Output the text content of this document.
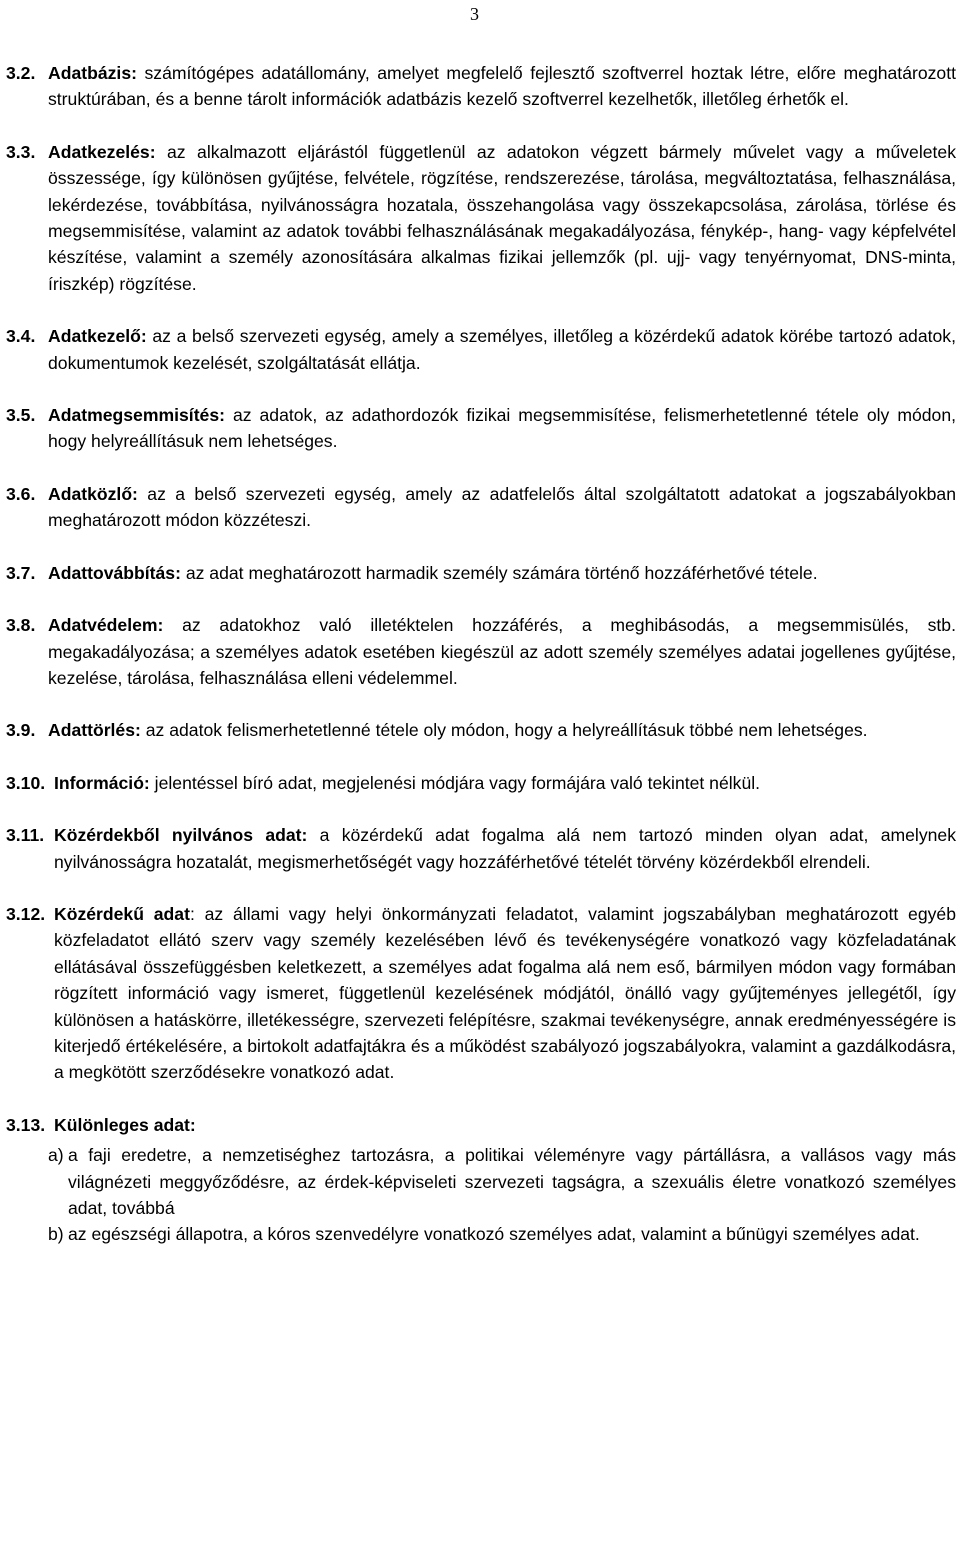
3

3.2. Adatbázis: számítógépes adatállomány, amelyet megfelelő fejlesztő szoftverrel hoztak létre, előre meghatározott struktúrában, és a benne tárolt információk adatbázis kezelő szoftverrel kezelhetők, illetőleg érhetők el.

3.3. Adatkezelés: az alkalmazott eljárástól függetlenül az adatokon végzett bármely művelet vagy a műveletek összessége, így különösen gyűjtése, felvétele, rögzítése, rendszerezése, tárolása, megváltoztatása, felhasználása, lekérdezése, továbbítása, nyilvánosságra hozatala, összehangolása vagy összekapcsolása, zárolása, törlése és megsemmisítése, valamint az adatok további felhasználásának megakadályozása, fénykép-, hang- vagy képfelvétel készítése, valamint a személy azonosítására alkalmas fizikai jellemzők (pl. ujj- vagy tenyérnyomat, DNS-minta, íriszkép) rögzítése.

3.4. Adatkezelő: az a belső szervezeti egység, amely a személyes, illetőleg a közérdekű adatok körébe tartozó adatok, dokumentumok kezelését, szolgáltatását ellátja.

3.5. Adatmegsemmisítés: az adatok, az adathordozók fizikai megsemmisítése, felismerhetetlenné tétele oly módon, hogy helyreállításuk nem lehetséges.

3.6. Adatközlő: az a belső szervezeti egység, amely az adatfelelős által szolgáltatott adatokat a jogszabályokban meghatározott módon közzéteszi.

3.7. Adattovábbítás: az adat meghatározott harmadik személy számára történő hozzáférhetővé tétele.

3.8. Adatvédelem: az adatokhoz való illetéktelen hozzáférés, a meghibásodás, a megsemmisülés, stb. megakadályozása; a személyes adatok esetében kiegészül az adott személy személyes adatai jogellenes gyűjtése, kezelése, tárolása, felhasználása elleni védelemmel.

3.9. Adattörlés: az adatok felismerhetetlenné tétele oly módon, hogy a helyreállításuk többé nem lehetséges.

3.10. Információ: jelentéssel bíró adat, megjelenési módjára vagy formájára való tekintet nélkül.

3.11. Közérdekből nyilvános adat: a közérdekű adat fogalma alá nem tartozó minden olyan adat, amelynek nyilvánosságra hozatalát, megismerhetőségét vagy hozzáférhetővé tételét törvény közérdekből elrendeli.

3.12. Közérdekű adat: az állami vagy helyi önkormányzati feladatot, valamint jogszabályban meghatározott egyéb közfeladatot ellátó szerv vagy személy kezelésében lévő és tevékenységére vonatkozó vagy közfeladatának ellátásával összefüggésben keletkezett, a személyes adat fogalma alá nem eső, bármilyen módon vagy formában rögzített információ vagy ismeret, függetlenül kezelésének módjától, önálló vagy gyűjteményes jellegétől, így különösen a hatáskörre, illetékességre, szervezeti felépítésre, szakmai tevékenységre, annak eredményességére is kiterjedő értékelésére, a birtokolt adatfajtákra és a működést szabályozó jogszabályokra, valamint a gazdálkodásra, a megkötött szerződésekre vonatkozó adat.

3.13. Különleges adat:

a) a faji eredetre, a nemzetiséghez tartozásra, a politikai véleményre vagy pártállásra, a vallásos vagy más világnézeti meggyőződésre, az érdek-képviseleti szervezeti tagságra, a szexuális életre vonatkozó személyes adat, továbbá

b) az egészségi állapotra, a kóros szenvedélyre vonatkozó személyes adat, valamint a bűnügyi személyes adat.
